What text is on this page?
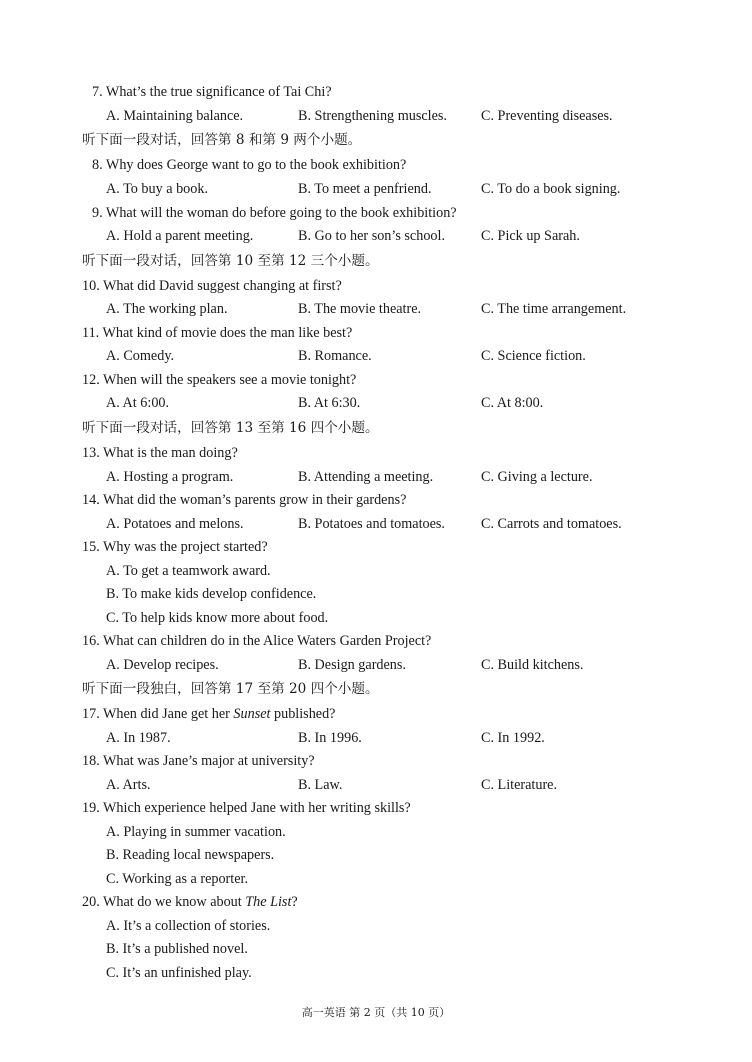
7. What’s the true significance of Tai Chi?
A. Maintaining balance.	B. Strengthening muscles. C. Preventing diseases.
听下面一段对话，回答第 8 和第 9 两个小题。
8. Why does George want to go to the book exhibition?
A. To buy a book.	B. To meet a penfriend.	C. To do a book signing.
9. What will the woman do before going to the book exhibition?
A. Hold a parent meeting.	B. Go to her son’s school.	C. Pick up Sarah.
听下面一段对话，回答第 10 至第 12 三个小题。
10. What did David suggest changing at first?
A. The working plan.	B. The movie theatre.	C. The time arrangement.
11. What kind of movie does the man like best?
A. Comedy.	B. Romance.	C. Science fiction.
12. When will the speakers see a movie tonight?
A. At 6:00.	B. At 6:30.	C. At 8:00.
听下面一段对话，回答第 13 至第 16 四个小题。
13. What is the man doing?
A. Hosting a program.	B. Attending a meeting.	C. Giving a lecture.
14. What did the woman’s parents grow in their gardens?
A. Potatoes and melons.	B. Potatoes and tomatoes.	C. Carrots and tomatoes.
15. Why was the project started?
A. To get a teamwork award.
B. To make kids develop confidence.
C. To help kids know more about food.
16. What can children do in the Alice Waters Garden Project?
A. Develop recipes.	B. Design gardens.	C. Build kitchens.
听下面一段独白，回答第 17 至第 20 四个小题。
17. When did Jane get her Sunset published?
A. In 1987.	B. In 1996.	C. In 1992.
18. What was Jane’s major at university?
A. Arts.	B. Law.	C. Literature.
19. Which experience helped Jane with her writing skills?
A. Playing in summer vacation.
B. Reading local newspapers.
C. Working as a reporter.
20. What do we know about The List?
A. It’s a collection of stories.
B. It’s a published novel.
C. It’s an unfinished play.
高一英语 第 2 页（共 10 页）
